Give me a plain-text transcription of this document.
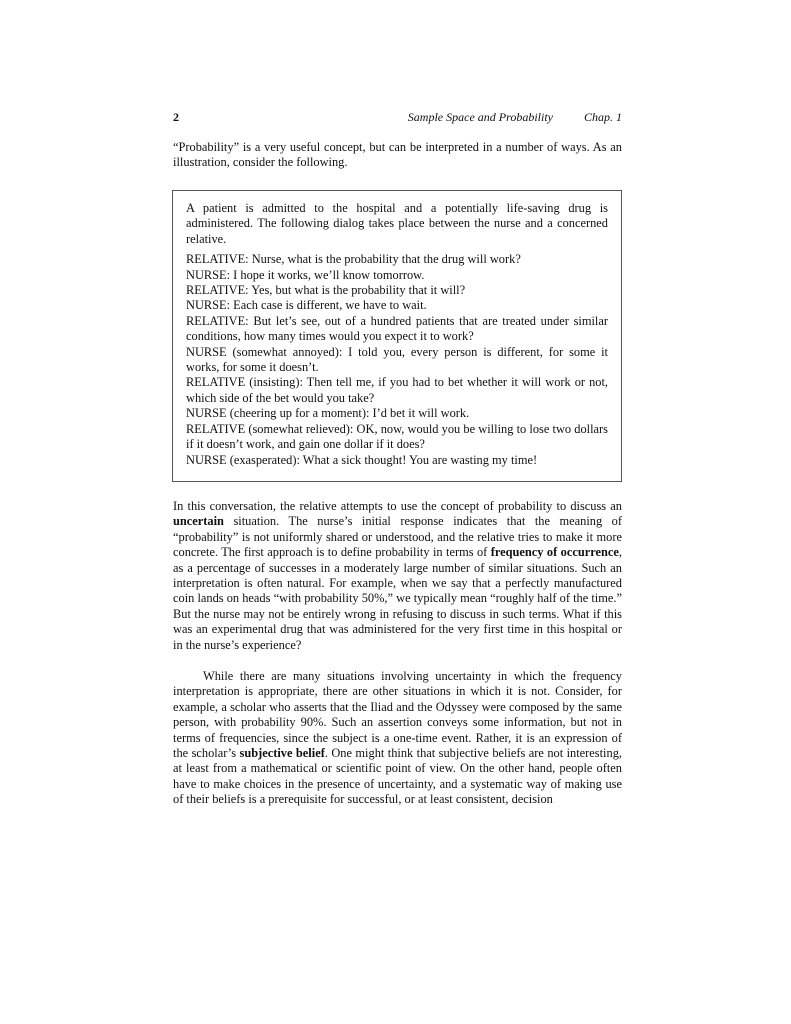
2	Sample Space and Probability	Chap. 1

“Probability” is a very useful concept, but can be interpreted in a number of ways. As an illustration, consider the following.

A patient is admitted to the hospital and a potentially life-saving drug is administered. The following dialog takes place between the nurse and a concerned relative.

RELATIVE: Nurse, what is the probability that the drug will work?

NURSE: I hope it works, we’ll know tomorrow.

RELATIVE: Yes, but what is the probability that it will?

NURSE: Each case is different, we have to wait.

RELATIVE: But let’s see, out of a hundred patients that are treated under similar conditions, how many times would you expect it to work?

NURSE (somewhat annoyed): I told you, every person is different, for some it works, for some it doesn’t.

RELATIVE (insisting): Then tell me, if you had to bet whether it will work or not, which side of the bet would you take?

NURSE (cheering up for a moment): I’d bet it will work.

RELATIVE (somewhat relieved): OK, now, would you be willing to lose two dollars if it doesn’t work, and gain one dollar if it does?

NURSE (exasperated): What a sick thought! You are wasting my time!

In this conversation, the relative attempts to use the concept of probability to discuss an uncertain situation. The nurse’s initial response indicates that the meaning of “probability” is not uniformly shared or understood, and the relative tries to make it more concrete. The first approach is to define probability in terms of frequency of occurrence, as a percentage of successes in a moderately large number of similar situations. Such an interpretation is often natural. For example, when we say that a perfectly manufactured coin lands on heads “with probability 50%,” we typically mean “roughly half of the time.” But the nurse may not be entirely wrong in refusing to discuss in such terms. What if this was an experimental drug that was administered for the very first time in this hospital or in the nurse’s experience?

While there are many situations involving uncertainty in which the frequency interpretation is appropriate, there are other situations in which it is not. Consider, for example, a scholar who asserts that the Iliad and the Odyssey were composed by the same person, with probability 90%. Such an assertion conveys some information, but not in terms of frequencies, since the subject is a one-time event. Rather, it is an expression of the scholar’s subjective belief. One might think that subjective beliefs are not interesting, at least from a mathematical or scientific point of view. On the other hand, people often have to make choices in the presence of uncertainty, and a systematic way of making use of their beliefs is a prerequisite for successful, or at least consistent, decision
